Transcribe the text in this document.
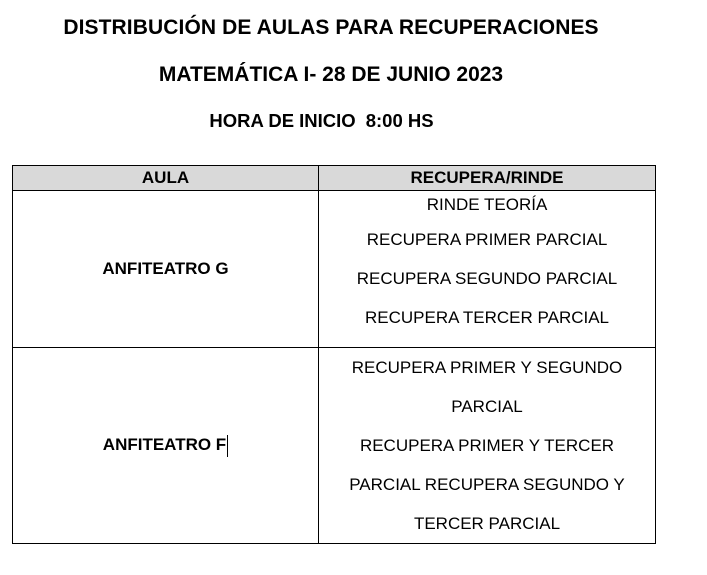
DISTRIBUCIÓN DE AULAS PARA RECUPERACIONES
MATEMÁTICA I- 28 DE JUNIO 2023
HORA DE INICIO 8:00 HS
AULA	RECUPERA/RINDE
ANFITEATRO G	RINDE TEORÍA
RECUPERA PRIMER PARCIAL
RECUPERA SEGUNDO PARCIAL
RECUPERA TERCER PARCIAL

ANFITEATRO F	RECUPERA PRIMER Y SEGUNDO
PARCIAL
RECUPERA PRIMER Y TERCER
PARCIAL RECUPERA SEGUNDO Y
TERCER PARCIAL
